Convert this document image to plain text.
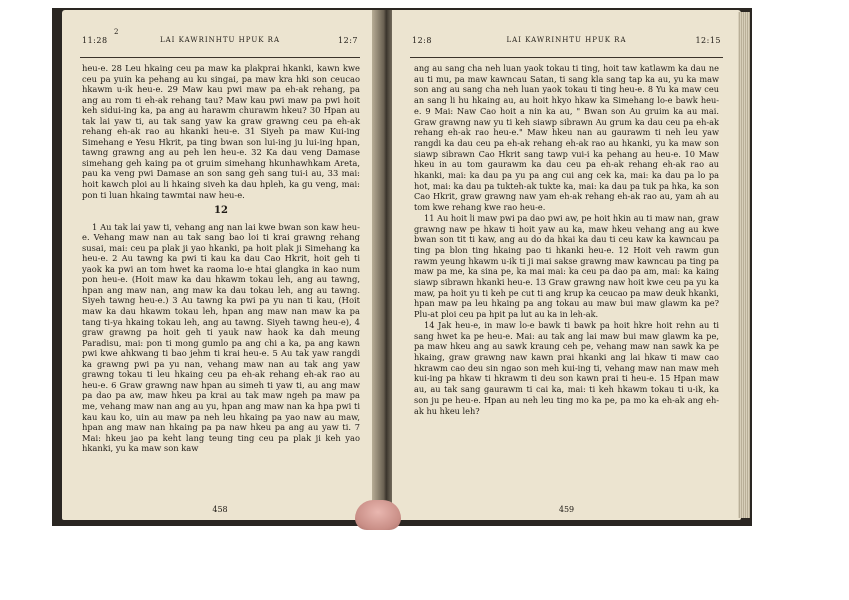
2
11:28	LAI KAWRINHTU HPUK RA	12:7

heu-e. 28 Leu hkaing ceu pa maw ka plakprai hkanki, kawn kwe ceu pa yuin ka pehang au ku singai, pa maw kra hki son ceucao hkawm u-ik heu-e. 29 Maw kau pwi maw pa eh-ak rehang, pa ang au rom ti eh-ak rehang tau? Maw kau pwi maw pa pwi hoit keh sidui-ing ka, pa ang au harawm churawm hkeu? 30 Hpan au tak lai yaw ti, au tak sang yaw ka graw grawng ceu pa eh-ak rehang eh-ak rao au hkanki heu-e. 31 Siyeh pa maw Kui-ing Simehang e Yesu Hkrit, pa ting bwan son lui-ing ju lui-ing hpan, tawng grawng ang au peh len heu-e. 32 Ka dau veng Damase simehang geh kaing pa ot gruim simehang hkunhawhkam Areta, pau ka veng pwi Damase an son sang geh sang tui-i au, 33 mai: hoit kawch ploi au li hkaing siveh ka dau hpleh, ka gu veng, mai: pon ti luan hkaing tawmtai naw heu-e.

12

1 Au tak lai yaw ti, vehang ang nan lai kwe bwan son kaw heu-e. Vehang maw nan au tak sang bao loi ti krai grawng rehang susai, mai: ceu pa plak ji yao hkanki, pa hoit plak ji Simehang ka heu-e. 2 Au tawng ka pwi ti kau ka dau Cao Hkrit, hoit geh ti yaok ka pwi an tom hwet ka raoma lo-e htai glangka in kao num pon heu-e. (Hoit maw ka dau hkawm tokau leh, ang au tawng, hpan ang maw nan, ang maw ka dau tokau leh, ang au tawng. Siyeh tawng heu-e.) 3 Au tawng ka pwi pa yu nan ti kau, (Hoit maw ka dau hkawm tokau leh, hpan ang maw nan maw ka pa tang ti-ya hkaing tokau leh, ang au tawng. Siyeh tawng heu-e), 4 graw grawng pa hoit geh ti yauk naw haok ka dah meung Paradisu, mai: pon ti mong gumlo pa ang chi a ka, pa ang kawn pwi kwe ahkwang ti bao jehm ti krai heu-e. 5 Au tak yaw rangdi ka grawng pwi pa yu nan, vehang maw nan au tak ang yaw grawng tokau ti leu hkaing ceu pa eh-ak rehang eh-ak rao au heu-e. 6 Graw grawng naw hpan au simeh ti yaw ti, au ang maw pa dao pa aw, maw hkeu pa krai au tak maw ngeh pa maw pa me, vehang maw nan ang au yu, hpan ang maw nan ka hpa pwi ti kau kau ko, uin au maw pa neh leu hkaing pa yao naw au maw, hpan ang maw nan hkaing pa pa naw hkeu pa ang au yaw ti. 7 Mai: hkeu jao pa keht lang teung ting ceu pa plak ji keh yao hkanki, yu ka maw son kaw

458
12:8	LAI KAWRINHTU HPUK RA	12:15

ang au sang cha neh luan yaok tokau ti ting, hoit taw katlawm ka dau ne au ti mu, pa maw kawncau Satan, ti sang kla sang tap ka au, yu ka maw son ang au sang cha neh luan yaok tokau ti ting heu-e. 8 Yu ka maw ceu an sang li hu hkaing au, au hoit hkyo hkaw ka Simehang lo-e bawk heu-e. 9 Mai: Naw Cao hoit a nin ka au, " Bwan son Au gruim ka au mai. Graw grawng naw yu ti keh siawp sibrawn Au grum ka dau ceu pa eh-ak rehang eh-ak rao heu-e." Maw hkeu nan au gaurawm ti neh leu yaw rangdi ka dau ceu pa eh-ak rehang eh-ak rao au hkanki, yu ka maw son siawp sibrawn Cao Hkrit sang tawp vui-i ka pehang au heu-e. 10 Maw hkeu in au tom gaurawm ka dau ceu pa eh-ak rehang eh-ak rao au hkanki, mai: ka dau pa yu pa ang cui ang cek ka, mai: ka dau pa lo pa hot, mai: ka dau pa tukteh-ak tukte ka, mai: ka dau pa tuk pa hka, ka son Cao Hkrit, graw grawng naw yam eh-ak rehang eh-ak rao au, yam ah au tom kwe rehang kwe rao heu-e.

11 Au hoit li maw pwi pa dao pwi aw, pe hoit hkin au ti maw nan, graw grawng naw pe hkaw ti hoit yaw au ka, maw hkeu vehang ang au kwe bwan son tit ti kaw, ang au do da hkai ka dau ti ceu kaw ka kawncau pa ting pa blon ting hkaing pao ti hkanki heu-e. 12 Hoit veh rawm gun rawm yeung hkawm u-ik ti ji mai sakse grawng maw kawncau pa ting pa maw pa me, ka sina pe, ka mai mai: ka ceu pa dao pa am, mai: ka kaing siawp sibrawn hkanki heu-e. 13 Graw grawng naw hoit kwe ceu pa yu ka maw, pa hoit yu ti keh pe cut ti ang krup ka ceucao pa maw deuk hkanki, hpan maw pa leu hkaing pa ang tokau au maw bui maw glawm ka pe? Plu-at ploi ceu pa hpit pa lut au ka in leh-ak.

14 Jak heu-e, in maw lo-e bawk ti bawk pa hoit hkre hoit rehn au ti sang hwet ka pe heu-e. Mai: au tak ang lai maw bui maw glawm ka pe, pa maw hkeu ang au sawk kraung ceh pe, vehang maw nan sawk ka pe hkaing, graw grawng naw kawn prai hkanki ang lai hkaw ti maw cao hkrawm cao deu sin ngao son meh kui-ing ti, vehang maw nan maw meh kui-ing pa hkaw ti hkrawm ti deu son kawn prai ti heu-e. 15 Hpan maw au, au tak sang gaurawm ti cai ka, mai: ti keh hkawm tokau ti u-ik, ka son ju pe heu-e. Hpan au neh leu ting mo ka pe, pa mo ka eh-ak ang eh-ak hu hkeu leh?

459
